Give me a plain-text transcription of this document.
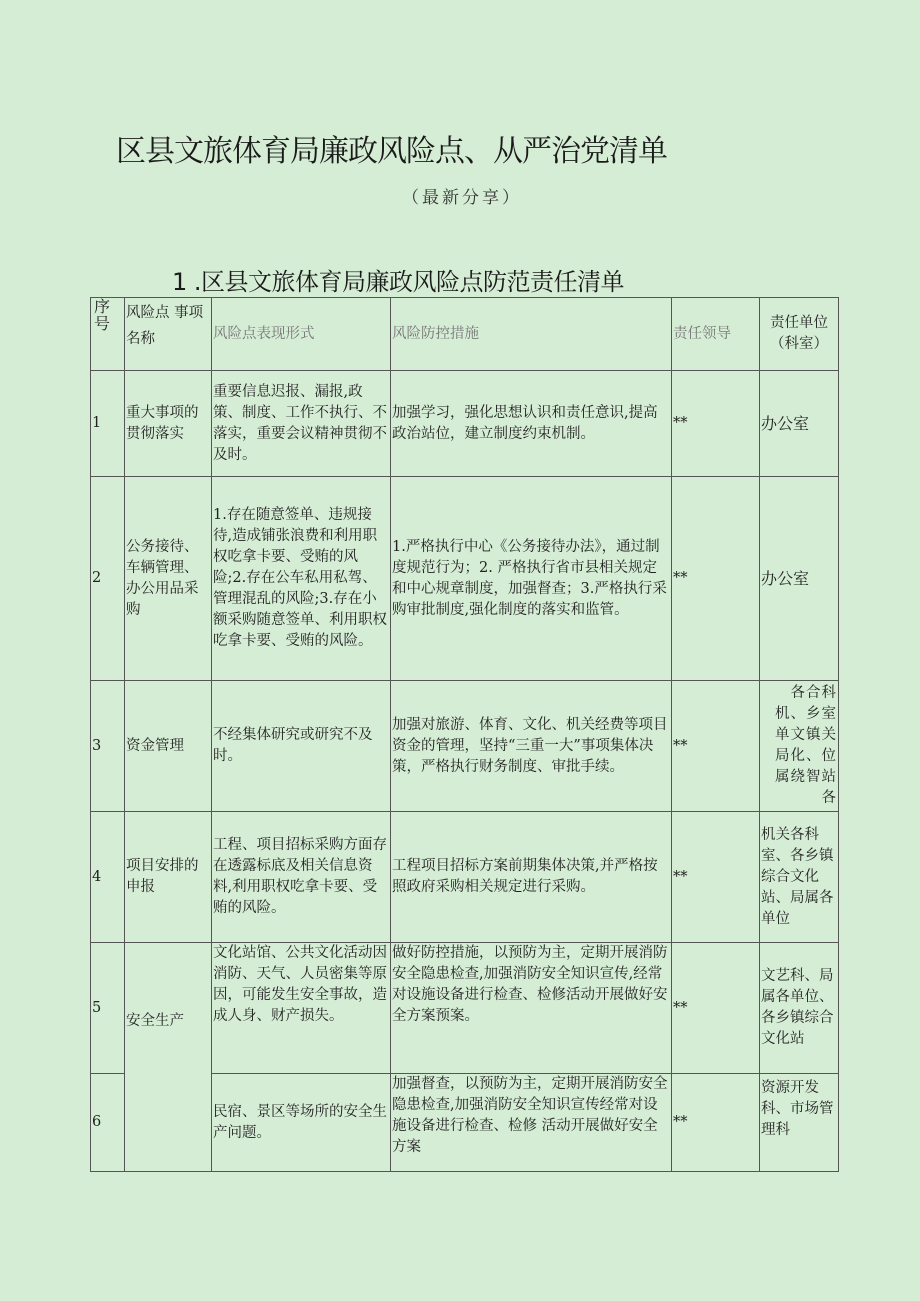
区县文旅体育局廉政风险点、从严治党清单
（最新分享）
1 .区县文旅体育局廉政风险点防范责任清单
序号	风险点 事项名称	风险点表现形式	风险防控措施	责任领导	责任单位（科室）
1	重大事项的贯彻落实	重要信息迟报、漏报,政策、制度、工作不执行、不落实，重要会议精神贯彻不及时。	加强学习，强化思想认识和责任意识,提高政治站位，建立制度约束机制。	**	办公室
2	公务接待、车辆管理、办公用品采购	1.存在随意签单、违规接待,造成铺张浪费和利用职权吃拿卡要、受贿的风险;2.存在公车私用私驾、管理混乱的风险;3.存在小额采购随意签单、利用职权吃拿卡要、受贿的风险。	1.严格执行中心《公务接待办法》，通过制度规范行为；2. 严格执行省市县相关规定和中心规章制度，加强督查；3.严格执行采购审批制度,强化制度的落实和监管。	**	办公室
3	资金管理	不经集体研究或研究不及时。	加强对旅游、体育、文化、机关经费等项目资金的管理，坚持“三重一大”事项集体决策，严格执行财务制度、审批手续。	**	各合科机、乡室单文镇关局化、位属绕智站各
4	项目安排的申报	工程、项目招标采购方面存在透露标底及相关信息资料,利用职权吃拿卡要、受贿的风险。	工程项目招标方案前期集体决策,并严格按照政府采购相关规定进行采购。	**	机关各科室、各乡镇综合文化站、局属各单位
5	安全生产	文化站馆、公共文化活动因消防、天气、人员密集等原因，可能发生安全事故，造成人身、财产损失。	做好防控措施，以预防为主，定期开展消防安全隐患检查,加强消防安全知识宣传,经常对设施设备进行检查、检修活动开展做好安全方案预案。	**	文艺科、局属各单位、各乡镇综合文化站
6		民宿、景区等场所的安全生产问题。	加强督查，以预防为主，定期开展消防安全隐患检查,加强消防安全知识宣传经常对设施设备进行检查、检修 活动开展做好安全方案	**	资源开发科、市场管理科
